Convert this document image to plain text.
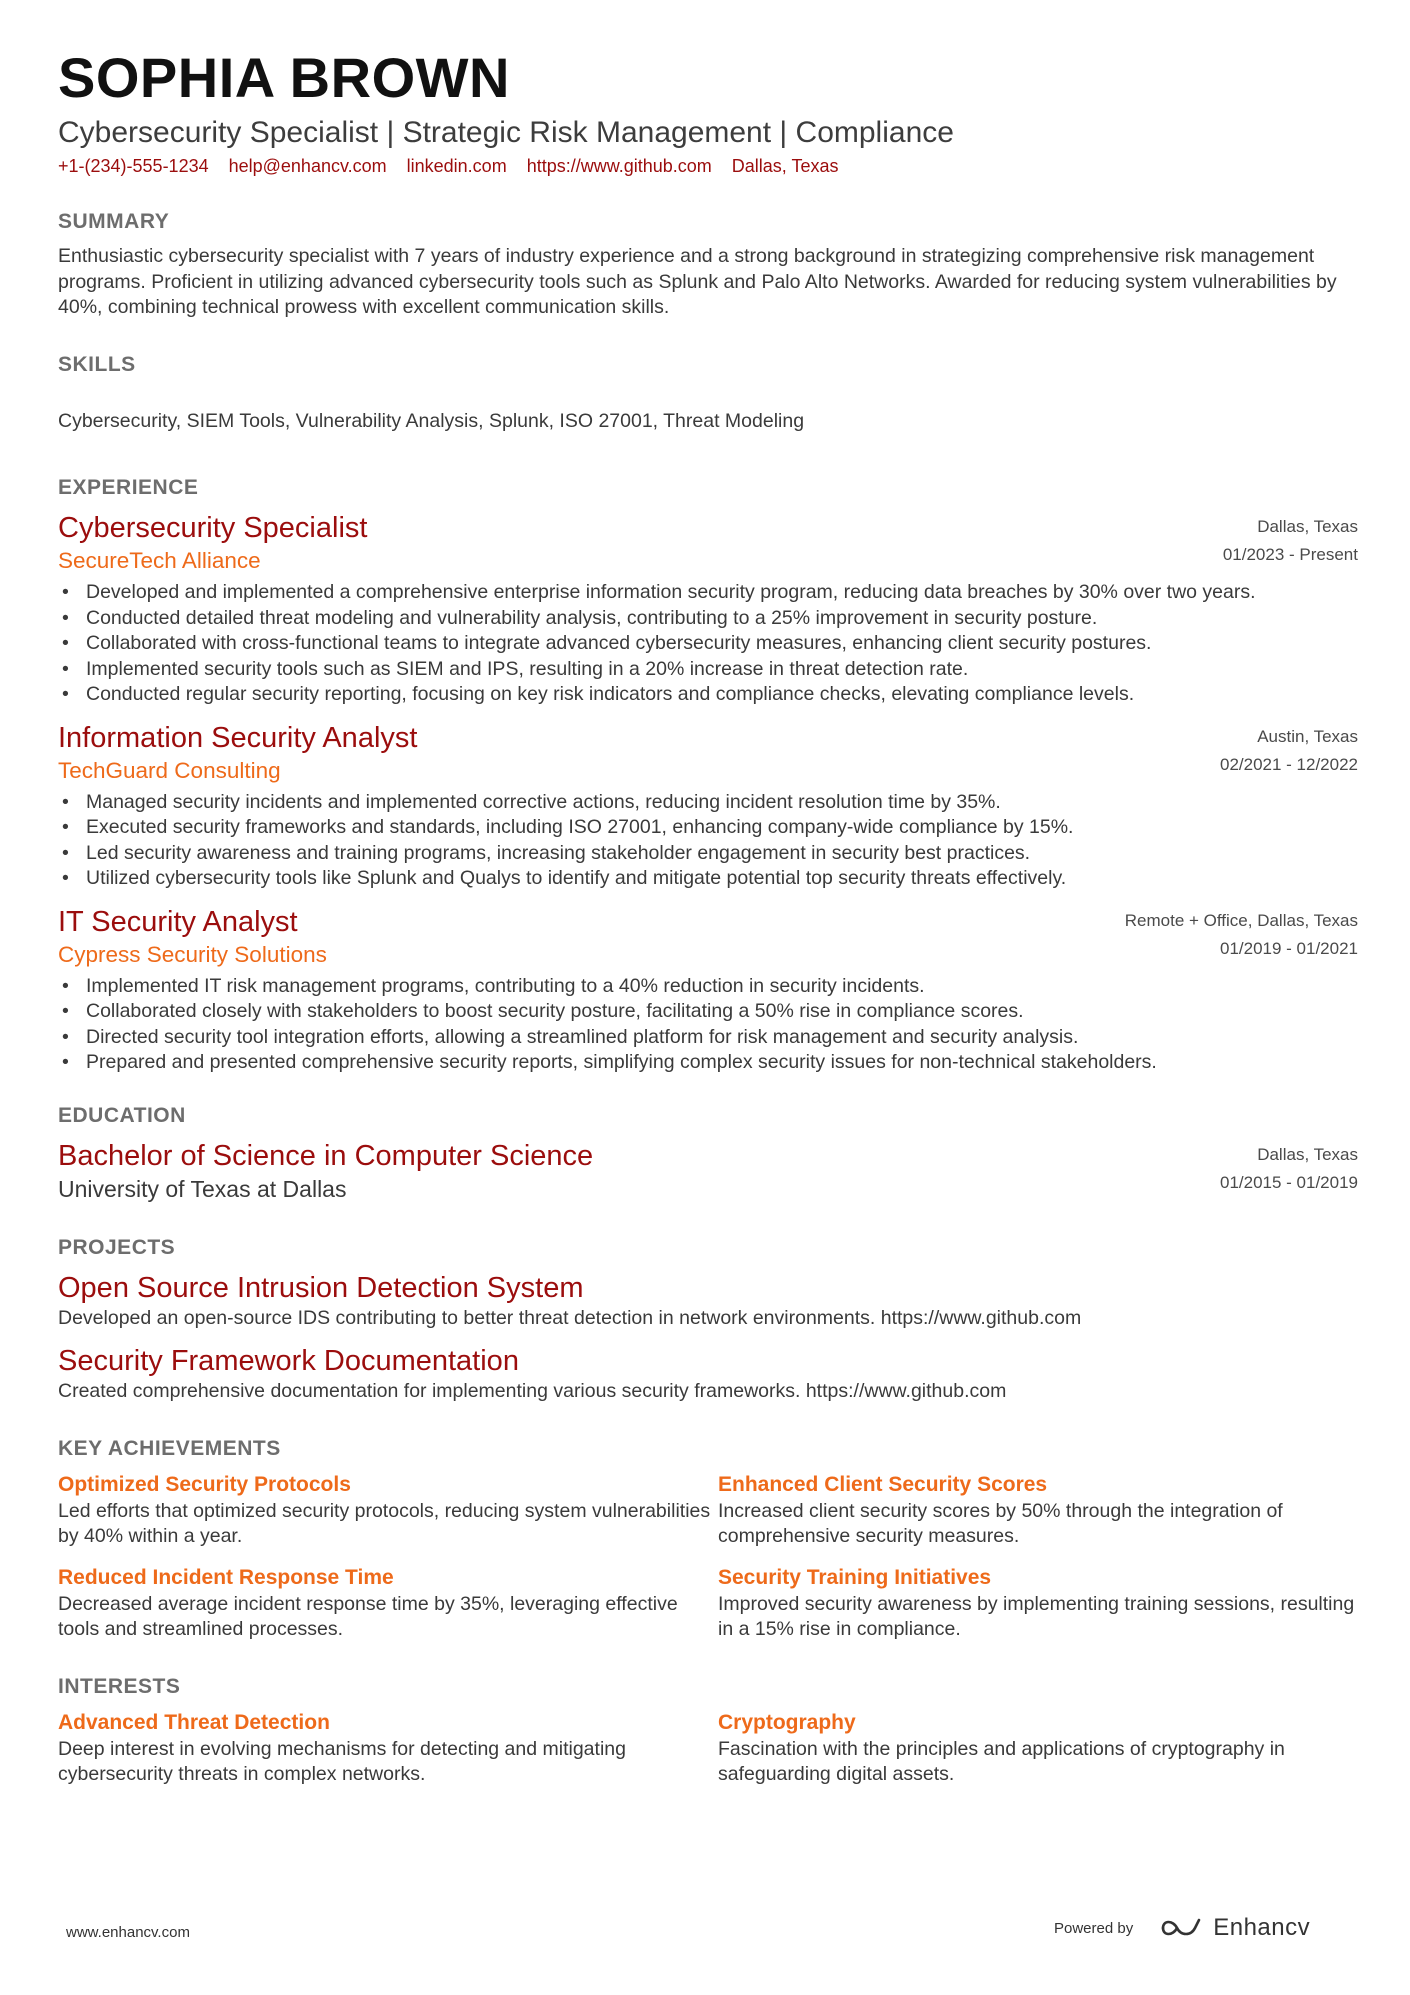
SOPHIA BROWN
Cybersecurity Specialist | Strategic Risk Management | Compliance
+1-(234)-555-1234 help@enhancv.com linkedin.com https://www.github.com Dallas, Texas
SUMMARY
Enthusiastic cybersecurity specialist with 7 years of industry experience and a strong background in strategizing comprehensive risk management programs. Proficient in utilizing advanced cybersecurity tools such as Splunk and Palo Alto Networks. Awarded for reducing system vulnerabilities by 40%, combining technical prowess with excellent communication skills.
SKILLS
Cybersecurity, SIEM Tools, Vulnerability Analysis, Splunk, ISO 27001, Threat Modeling
EXPERIENCE
Cybersecurity Specialist
SecureTech Alliance
Dallas, Texas
01/2023 - Present
• Developed and implemented a comprehensive enterprise information security program, reducing data breaches by 30% over two years.
• Conducted detailed threat modeling and vulnerability analysis, contributing to a 25% improvement in security posture.
• Collaborated with cross-functional teams to integrate advanced cybersecurity measures, enhancing client security postures.
• Implemented security tools such as SIEM and IPS, resulting in a 20% increase in threat detection rate.
• Conducted regular security reporting, focusing on key risk indicators and compliance checks, elevating compliance levels.
Information Security Analyst
TechGuard Consulting
Austin, Texas
02/2021 - 12/2022
• Managed security incidents and implemented corrective actions, reducing incident resolution time by 35%.
• Executed security frameworks and standards, including ISO 27001, enhancing company-wide compliance by 15%.
• Led security awareness and training programs, increasing stakeholder engagement in security best practices.
• Utilized cybersecurity tools like Splunk and Qualys to identify and mitigate potential top security threats effectively.
IT Security Analyst
Cypress Security Solutions
Remote + Office, Dallas, Texas
01/2019 - 01/2021
• Implemented IT risk management programs, contributing to a 40% reduction in security incidents.
• Collaborated closely with stakeholders to boost security posture, facilitating a 50% rise in compliance scores.
• Directed security tool integration efforts, allowing a streamlined platform for risk management and security analysis.
• Prepared and presented comprehensive security reports, simplifying complex security issues for non-technical stakeholders.
EDUCATION
Bachelor of Science in Computer Science
University of Texas at Dallas
Dallas, Texas
01/2015 - 01/2019
PROJECTS
Open Source Intrusion Detection System
Developed an open-source IDS contributing to better threat detection in network environments. https://www.github.com
Security Framework Documentation
Created comprehensive documentation for implementing various security frameworks. https://www.github.com
KEY ACHIEVEMENTS
Optimized Security Protocols
Led efforts that optimized security protocols, reducing system vulnerabilities by 40% within a year.
Enhanced Client Security Scores
Increased client security scores by 50% through the integration of comprehensive security measures.
Reduced Incident Response Time
Decreased average incident response time by 35%, leveraging effective tools and streamlined processes.
Security Training Initiatives
Improved security awareness by implementing training sessions, resulting in a 15% rise in compliance.
INTERESTS
Advanced Threat Detection
Deep interest in evolving mechanisms for detecting and mitigating cybersecurity threats in complex networks.
Cryptography
Fascination with the principles and applications of cryptography in safeguarding digital assets.
www.enhancv.com	Powered by	Enhancv
